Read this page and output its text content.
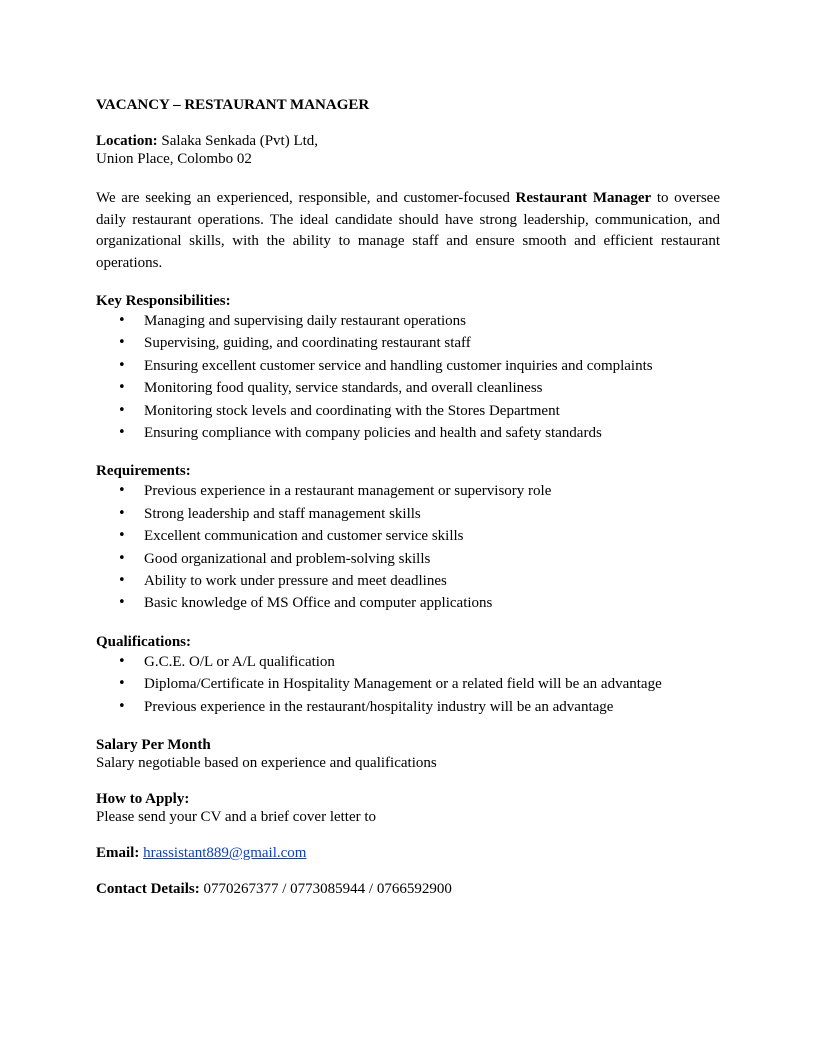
VACANCY – RESTAURANT MANAGER

Location: Salaka Senkada (Pvt) Ltd,

Union Place, Colombo 02

We are seeking an experienced, responsible, and customer-focused Restaurant Manager to oversee daily restaurant operations. The ideal candidate should have strong leadership, communication, and organizational skills, with the ability to manage staff and ensure smooth and efficient restaurant operations.

Key Responsibilities:

• Managing and supervising daily restaurant operations
• Supervising, guiding, and coordinating restaurant staff
• Ensuring excellent customer service and handling customer inquiries and complaints
• Monitoring food quality, service standards, and overall cleanliness
• Monitoring stock levels and coordinating with the Stores Department
• Ensuring compliance with company policies and health and safety standards

Requirements:

• Previous experience in a restaurant management or supervisory role
• Strong leadership and staff management skills
• Excellent communication and customer service skills
• Good organizational and problem-solving skills
• Ability to work under pressure and meet deadlines
• Basic knowledge of MS Office and computer applications

Qualifications:

• G.C.E. O/L or A/L qualification
• Diploma/Certificate in Hospitality Management or a related field will be an advantage
• Previous experience in the restaurant/hospitality industry will be an advantage

Salary Per Month

Salary negotiable based on experience and qualifications

How to Apply:

Please send your CV and a brief cover letter to

Email: hrassistant889@gmail.com

Contact Details: 0770267377 / 0773085944 / 0766592900
